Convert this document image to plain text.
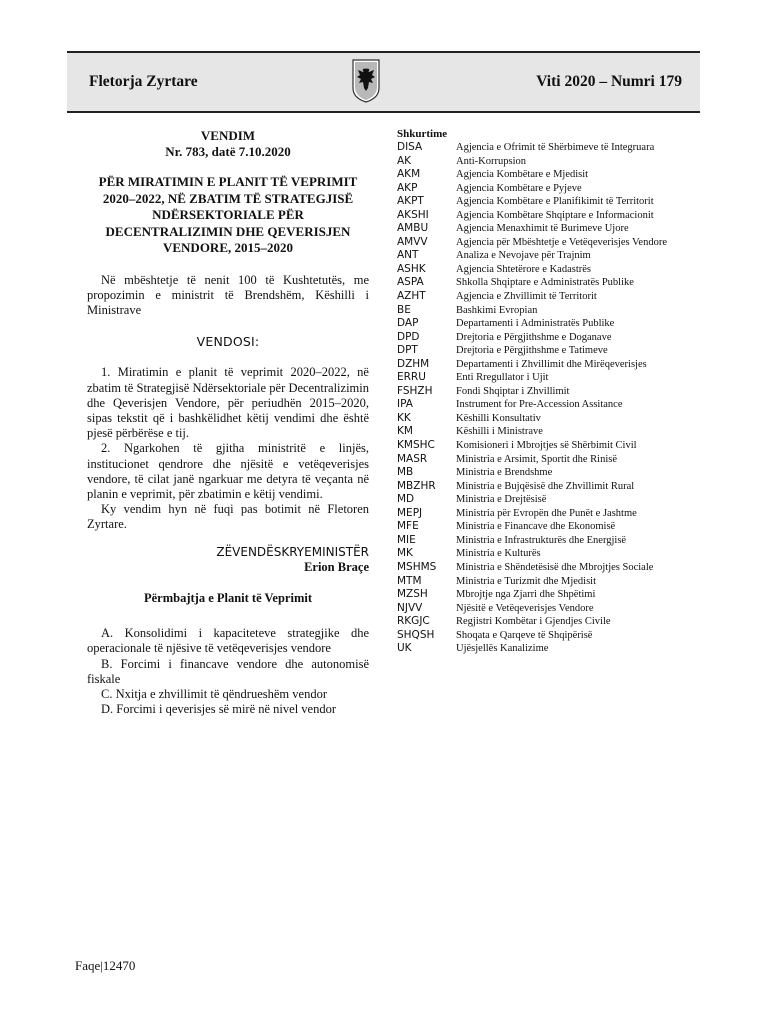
Fletorja Zyrtare	Viti 2020 – Numri 179
VENDIM
Nr. 783, datë 7.10.2020
PËR MIRATIMIN E PLANIT TË VEPRIMIT 2020–2022, NË ZBATIM TË STRATEGJISË NDËRSEKTORIALE PËR DECENTRALIZIMIN DHE QEVERISJEN VENDORE, 2015–2020

Në mbështetje të nenit 100 të Kushtetutës, me propozimin e ministrit të Brendshëm, Këshilli i Ministrave

VENDOSI:

1. Miratimin e planit të veprimit 2020–2022, në zbatim të Strategjisë Ndërsektoriale për Decentralizimin dhe Qeverisjen Vendore, për periudhën 2015–2020, sipas tekstit që i bashkëlidhet këtij vendimi dhe është pjesë përbërëse e tij.

2. Ngarkohen të gjitha ministritë e linjës, institucionet qendrore dhe njësitë e vetëqeverisjes vendore, të cilat janë ngarkuar me detyra të veçanta në planin e veprimit, për zbatimin e këtij vendimi.

Ky vendim hyn në fuqi pas botimit në Fletoren Zyrtare.

ZËVENDËSKRYEMINISTËR
Erion Braçe
Përmbajtja e Planit të Veprimit

A. Konsolidimi i kapaciteteve strategjike dhe operacionale të njësive të vetëqeverisjes vendore

B. Forcimi i financave vendore dhe autonomisë fiskale

C. Nxitja e zhvillimit të qëndrueshëm vendor

D. Forcimi i qeverisjes së mirë në nivel vendor

Shkurtime
DISA	Agjencia e Ofrimit të Shërbimeve të Integruara
AK	Anti-Korrupsion
AKM	Agjencia Kombëtare e Mjedisit
AKP	Agjencia Kombëtare e Pyjeve
AKPT	Agjencia Kombëtare e Planifikimit të Territorit
AKSHI	Agjencia Kombëtare Shqiptare e Informacionit
AMBU	Agjencia Menaxhimit të Burimeve Ujore
AMVV	Agjencia për Mbështetje e Vetëqeverisjes Vendore
ANT	Analiza e Nevojave për Trajnim
ASHK	Agjencia Shtetërore e Kadastrës
ASPA	Shkolla Shqiptare e Administratës Publike
AZHT	Agjencia e Zhvillimit të Territorit
BE	Bashkimi Evropian
DAP	Departamenti i Administratës Publike
DPD	Drejtoria e Përgjithshme e Doganave
DPT	Drejtoria e Përgjithshme e Tatimeve
DZHM	Departamenti i Zhvillimit dhe Mirëqeverisjes
ERRU	Enti Rregullator i Ujit
FSHZH	Fondi Shqiptar i Zhvillimit
IPA	Instrument for Pre-Accession Assitance
KK	Këshilli Konsultativ
KM	Këshilli i Ministrave
KMSHC	Komisioneri i Mbrojtjes së Shërbimit Civil
MASR	Ministria e Arsimit, Sportit dhe Rinisë
MB	Ministria e Brendshme
MBZHR	Ministria e Bujqësisë dhe Zhvillimit Rural
MD	Ministria e Drejtësisë
MEPJ	Ministria për Evropën dhe Punët e Jashtme
MFE	Ministria e Financave dhe Ekonomisë
MIE	Ministria e Infrastrukturës dhe Energjisë
MK	Ministria e Kulturës
MSHMS	Ministria e Shëndetësisë dhe Mbrojtjes Sociale
MTM	Ministria e Turizmit dhe Mjedisit
MZSH	Mbrojtje nga Zjarri dhe Shpëtimi
NJVV	Njësitë e Vetëqeverisjes Vendore
RKGJC	Regjistri Kombëtar i Gjendjes Civile
SHQSH	Shoqata e Qarqeve të Shqipërisë
UK	Ujësjellës Kanalizime
Faqe|12470
